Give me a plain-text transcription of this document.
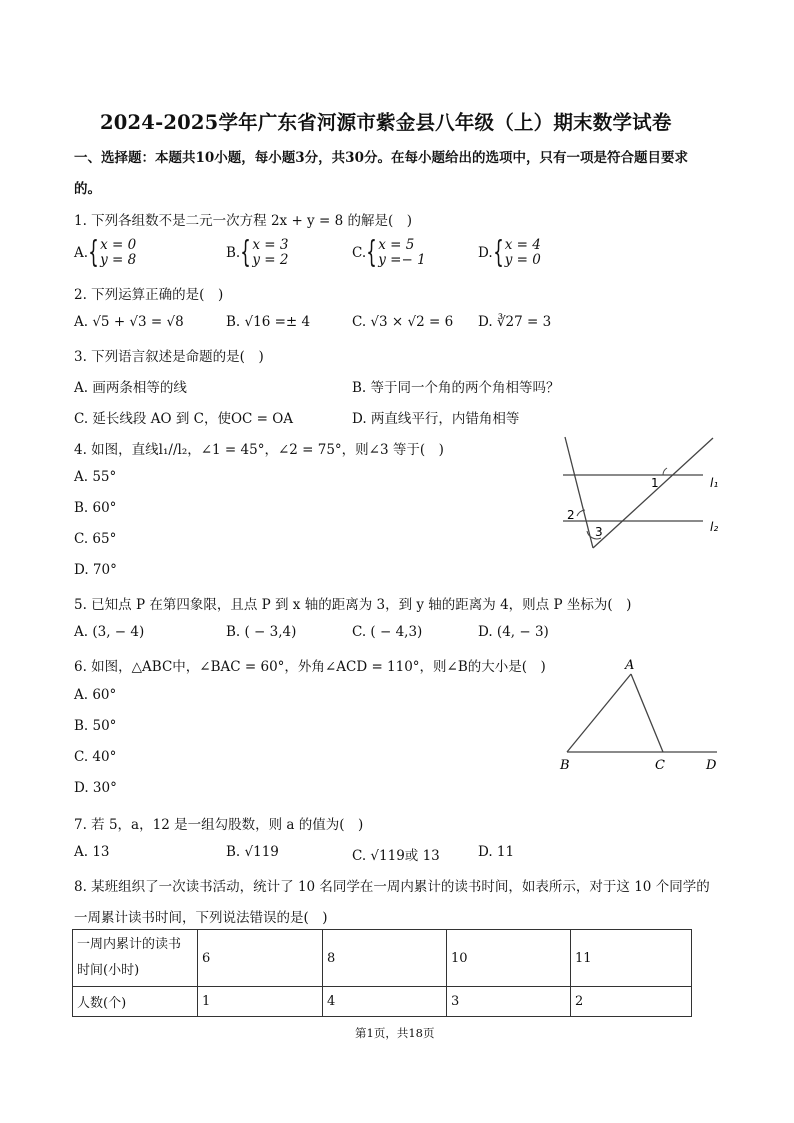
2024-2025学年广东省河源市紫金县八年级（上）期末数学试卷
一、选择题：本题共10小题，每小题3分，共30分。在每小题给出的选项中，只有一项是符合题目要求
的。
1. 下列各组数不是二元一次方程 2x + y = 8 的解是(　)
A. { x = 0
y = 8	B. { x = 3
y = 2	C. { x = 5
y =− 1	D. { x = 4
y = 0
2. 下列运算正确的是(　)
A. √5 + √3 = √8	B. √16 =± 4	C. √3 × √2 = 6 D. ∛27 = 3
3. 下列语言叙述是命题的是(　)
A. 画两条相等的线	B. 等于同一个角的两个角相等吗？
C. 延长线段 AO 到 C，使OC = OA	D. 两直线平行，内错角相等
4. 如图，直线l₁//l₂，∠1 = 45°，∠2 = 75°，则∠3 等于(　)
A. 55°
B. 60°
C. 65°
D. 70°
1
2
3
l₁
l₂
5. 已知点 P 在第四象限，且点 P 到 x 轴的距离为 3，到 y 轴的距离为 4，则点 P 坐标为(　)
A. (3, − 4)	B. ( − 3,4)	C. ( − 4,3)	D. (4, − 3)
6. 如图，△ABC中，∠BAC = 60°，外角∠ACD = 110°，则∠B的大小是(　)
A. 60°
B. 50°
C. 40°
D. 30°
A
B	C	D
7. 若 5，a，12 是一组勾股数，则 a 的值为(　)
A. 13	B. √119	C. √119或 13	D. 11
8. 某班组织了一次读书活动，统计了 10 名同学在一周内累计的读书时间，如表所示，对于这 10 个同学的
一周累计读书时间，下列说法错误的是(　)
一周内累计的读书
时间(小时)	6	8	10	11
人数(个)	1	4	3	2
第1页，共18页
